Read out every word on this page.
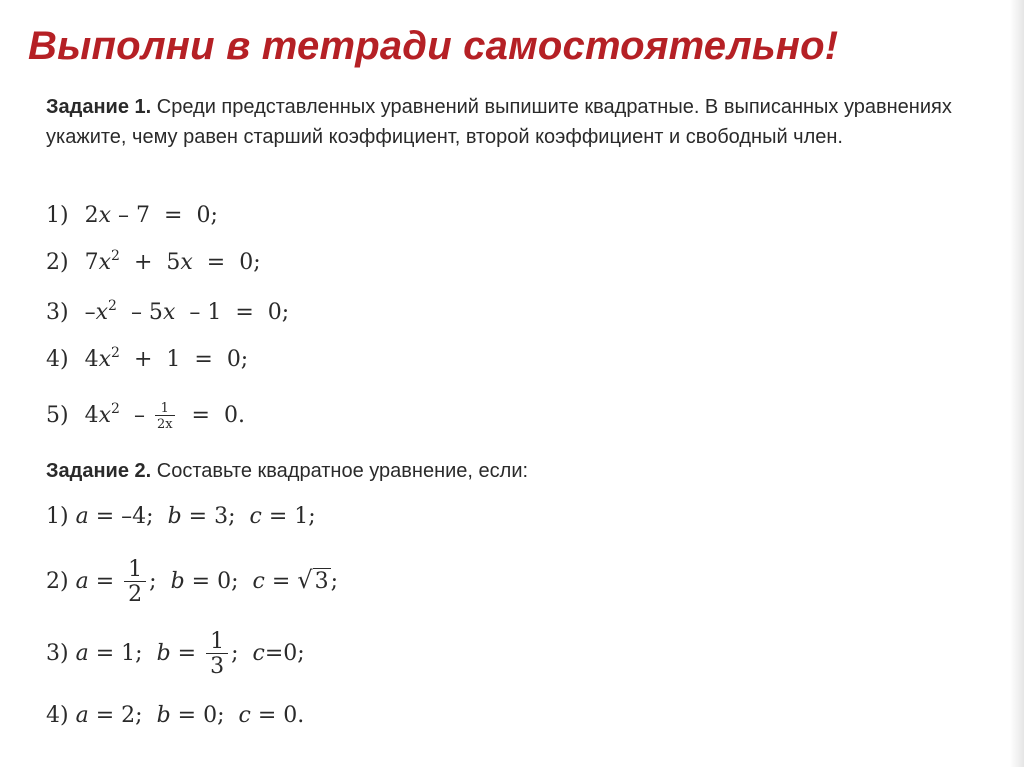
Выполни в тетради самостоятельно!
Задание 1. Среди представленных уравнений выпишите квадратные. В выписанных уравнениях укажите, чему равен старший коэффициент, второй коэффициент и свободный член.
1) 2x – 7 = 0;
2) $7x^2 + 5x = 0$;
3) $-x^2 - 5x - 1 = 0$;
4) $4x^2 + 1 = 0$;
5) $4x^2 - \frac{1}{2x} = 0$.
Задание 2. Составьте квадратное уравнение, если:
1) a = –4; b = 3; c = 1;
2) $a = \frac{1}{2}$ ; b = 0; c = √3;
3) a = 1; $b = \frac{1}{3}$ ; c=0;
4) a = 2; b = 0; c = 0.
